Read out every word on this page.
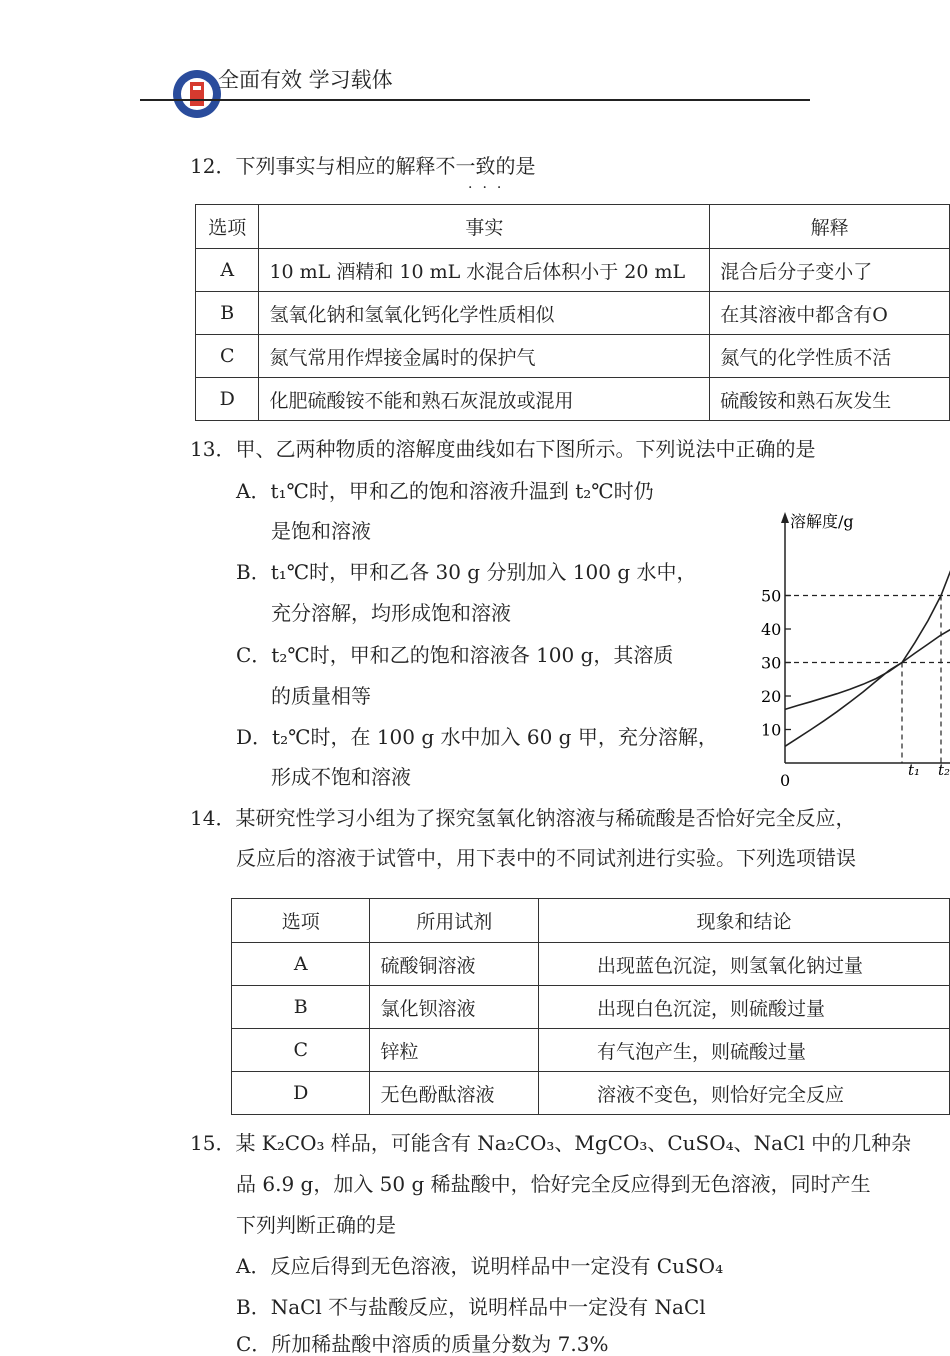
全面有效 学习载体
12．下列事实与相应的解释不一致的是
···
选项	事实	解释
A	10 mL 酒精和 10 mL 水混合后体积小于 20 mL	混合后分子变小了
B	氢氧化钠和氢氧化钙化学性质相似	在其溶液中都含有O
C	氮气常用作焊接金属时的保护气	氮气的化学性质不活
D	化肥硫酸铵不能和熟石灰混放或混用	硫酸铵和熟石灰发生
13．甲、乙两种物质的溶解度曲线如右下图所示。下列说法中正确的是
A．t₁℃时，甲和乙的饱和溶液升温到 t₂℃时仍
是饱和溶液
B．t₁℃时，甲和乙各 30 g 分别加入 100 g 水中，
充分溶解，均形成饱和溶液
C．t₂℃时，甲和乙的饱和溶液各 100 g，其溶质
的质量相等
D．t₂℃时，在 100 g 水中加入 60 g 甲，充分溶解，
形成不饱和溶液
溶解度/g
10
20
30
40
50
0
t₁ t₂
14．某研究性学习小组为了探究氢氧化钠溶液与稀硫酸是否恰好完全反应，
反应后的溶液于试管中，用下表中的不同试剂进行实验。下列选项错误
选项	所用试剂	现象和结论
A	硫酸铜溶液	出现蓝色沉淀，则氢氧化钠过量
B	氯化钡溶液	出现白色沉淀，则硫酸过量
C	锌粒	有气泡产生，则硫酸过量
D	无色酚酞溶液	溶液不变色，则恰好完全反应
15．某 K₂CO₃ 样品，可能含有 Na₂CO₃、MgCO₃、CuSO₄、NaCl 中的几种杂
品 6.9 g，加入 50 g 稀盐酸中，恰好完全反应得到无色溶液，同时产生
下列判断正确的是
A．反应后得到无色溶液，说明样品中一定没有 CuSO₄
B．NaCl 不与盐酸反应，说明样品中一定没有 NaCl
C．所加稀盐酸中溶质的质量分数为 7.3%
